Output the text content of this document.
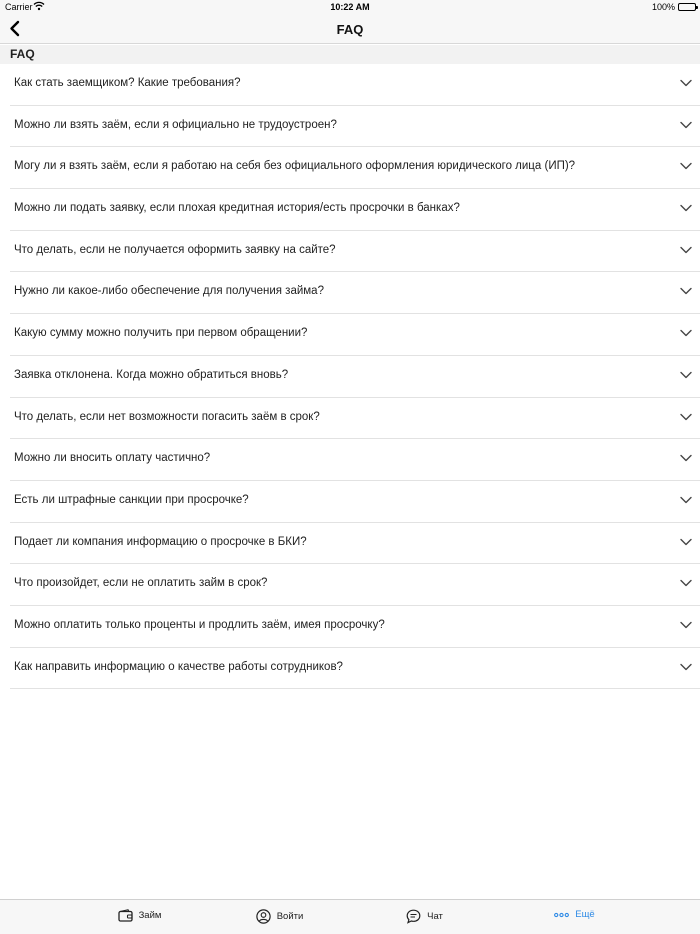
Carrier	10:22 AM	100%
FAQ
FAQ
Как стать заемщиком? Какие требования?
Можно ли взять заём, если я официально не трудоустроен?
Могу ли я взять заём, если я работаю на себя без официального оформления юридического лица (ИП)?
Можно ли подать заявку, если плохая кредитная история/есть просрочки в банках?
Что делать, если не получается оформить заявку на сайте?
Нужно ли какое-либо обеспечение для получения займа?
Какую сумму можно получить при первом обращении?
Заявка отклонена. Когда можно обратиться вновь?
Что делать, если нет возможности погасить заём в срок?
Можно ли вносить оплату частично?
Есть ли штрафные санкции при просрочке?
Подает ли компания информацию о просрочке в БКИ?
Что произойдет, если не оплатить займ в срок?
Можно оплатить только проценты и продлить заём, имея просрочку?
Как направить информацию о качестве работы сотрудников?
Займ	Войти	Чат	Ещё
